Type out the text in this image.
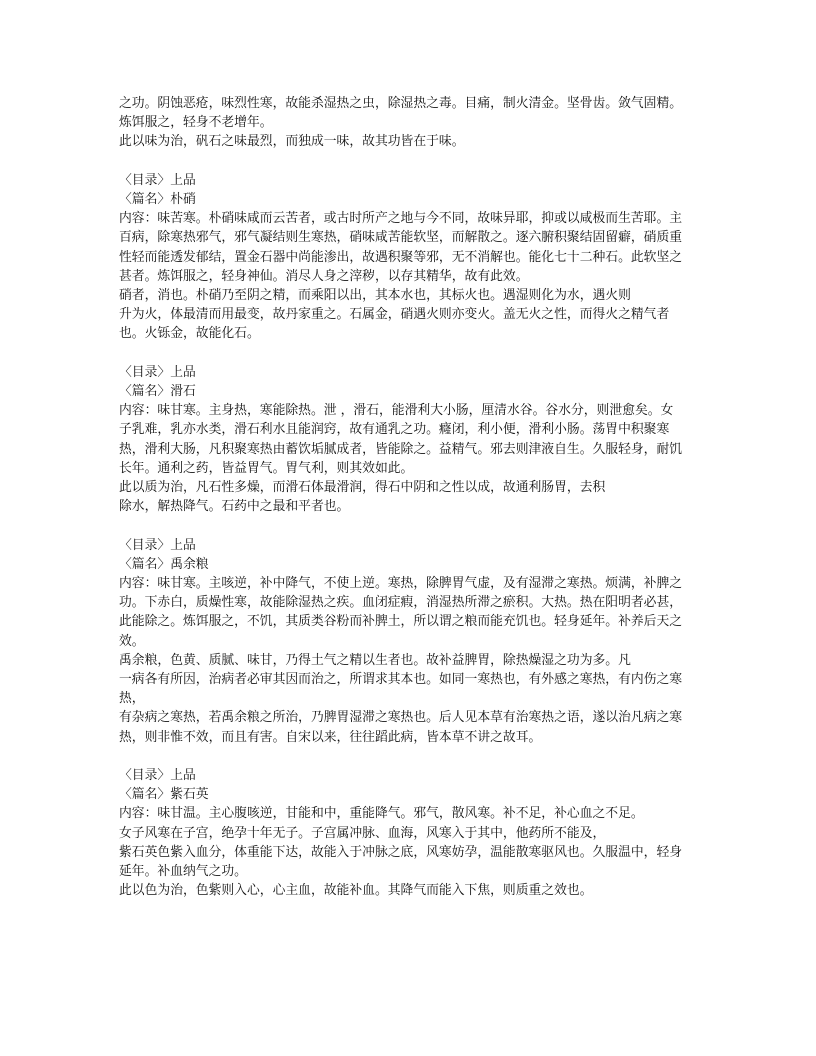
之功。阴蚀恶疮，味烈性寒，故能杀湿热之虫，除湿热之毒。目痛，制火清金。坚骨齿。敛气固精。炼饵服之，轻身不老增年。

此以味为治，矾石之味最烈，而独成一味，故其功皆在于味。

〈目录〉上品

〈篇名〉朴硝

内容：味苦寒。朴硝味咸而云苦者，或古时所产之地与今不同，故味异耶，抑或以咸极而生苦耶。主百病，除寒热邪气，邪气凝结则生寒热，硝味咸苦能软坚，而解散之。逐六腑积聚结固留癖，硝质重性轻而能透发郁结，置金石器中尚能渗出，故遇积聚等邪，无不消解也。能化七十二种石。此软坚之甚者。炼饵服之，轻身神仙。消尽人身之滓秽，以存其精华，故有此效。

硝者，消也。朴硝乃至阴之精，而乘阳以出，其本水也，其标火也。遇湿则化为水，遇火则

升为火，体最清而用最变，故丹家重之。石属金，硝遇火则亦变火。盖无火之性，而得火之精气者也。火铄金，故能化石。

〈目录〉上品

〈篇名〉滑石

内容：味甘寒。主身热，寒能除热。泄 ，滑石，能滑利大小肠，厘清水谷。谷水分，则泄愈矣。女子乳难，乳亦水类，滑石利水且能润窍，故有通乳之功。癃闭，利小便，滑利小肠。荡胃中积聚寒热，滑利大肠，凡积聚寒热由蓄饮垢腻成者，皆能除之。益精气。邪去则津液自生。久服轻身，耐饥长年。通利之药，皆益胃气。胃气利，则其效如此。

此以质为治，凡石性多燥，而滑石体最滑润，得石中阴和之性以成，故通利肠胃，去积

除水，解热降气。石药中之最和平者也。

〈目录〉上品

〈篇名〉禹余粮

内容：味甘寒。主咳逆，补中降气，不使上逆。寒热，除脾胃气虚，及有湿滞之寒热。烦满，补脾之功。下赤白，质燥性寒，故能除湿热之疾。血闭症瘕，消湿热所滞之瘀积。大热。热在阳明者必甚，此能除之。炼饵服之，不饥，其质类谷粉而补脾土，所以谓之粮而能充饥也。轻身延年。补养后天之效。

禹余粮，色黄、质腻、味甘，乃得土气之精以生者也。故补益脾胃，除热燥湿之功为多。凡

一病各有所因，治病者必审其因而治之，所谓求其本也。如同一寒热也，有外感之寒热，有内伤之寒热，

有杂病之寒热，若禹余粮之所治，乃脾胃湿滞之寒热也。后人见本草有治寒热之语，遂以治凡病之寒热，则非惟不效，而且有害。自宋以来，往往蹈此病，皆本草不讲之故耳。

〈目录〉上品

〈篇名〉紫石英

内容：味甘温。主心腹咳逆，甘能和中，重能降气。邪气，散风寒。补不足，补心血之不足。

女子风寒在子宫，绝孕十年无子。子宫属冲脉、血海，风寒入于其中，他药所不能及，

紫石英色紫入血分，体重能下达，故能入于冲脉之底，风寒妨孕，温能散寒驱风也。久服温中，轻身延年。补血纳气之功。

此以色为治，色紫则入心，心主血，故能补血。其降气而能入下焦，则质重之效也。
